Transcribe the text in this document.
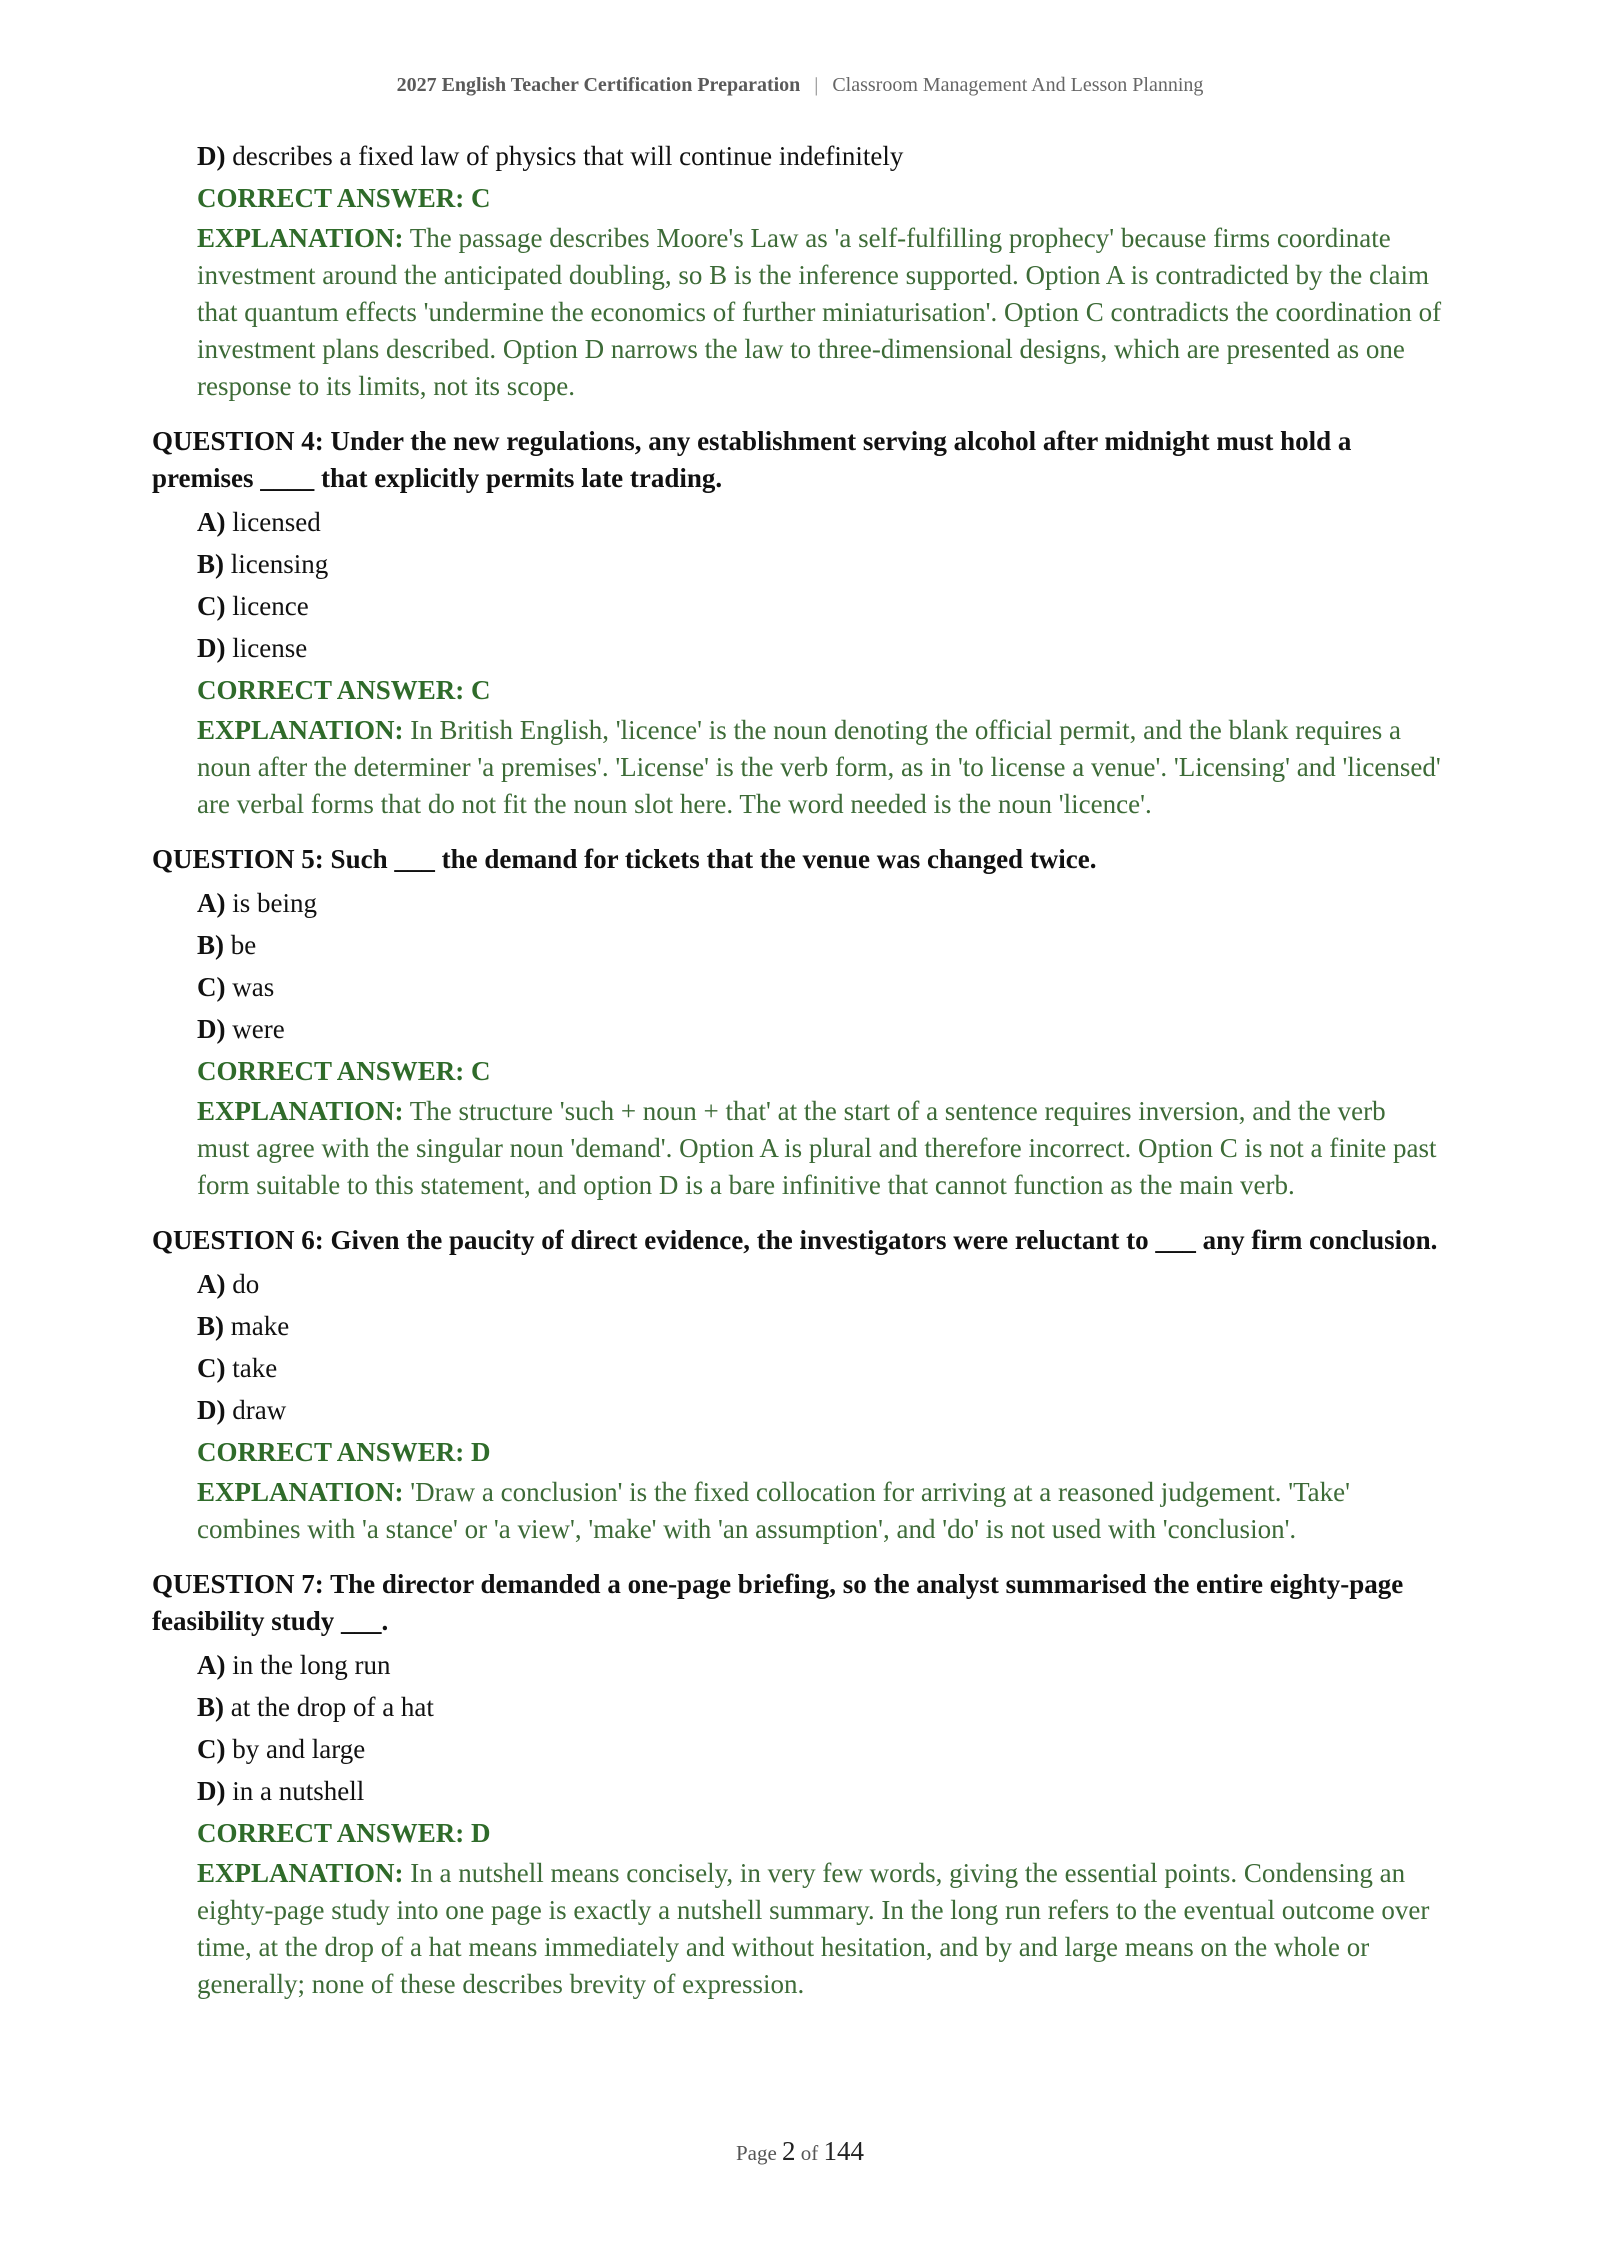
2027 English Teacher Certification Preparation | Classroom Management And Lesson Planning
D) describes a fixed law of physics that will continue indefinitely
CORRECT ANSWER: C
EXPLANATION: The passage describes Moore's Law as 'a self-fulfilling prophecy' because firms coordinate investment around the anticipated doubling, so B is the inference supported. Option A is contradicted by the claim that quantum effects 'undermine the economics of further miniaturisation'. Option C contradicts the coordination of investment plans described. Option D narrows the law to three-dimensional designs, which are presented as one response to its limits, not its scope.
QUESTION 4: Under the new regulations, any establishment serving alcohol after midnight must hold a premises ____ that explicitly permits late trading.
A) licensed
B) licensing
C) licence
D) license
CORRECT ANSWER: C
EXPLANATION: In British English, 'licence' is the noun denoting the official permit, and the blank requires a noun after the determiner 'a premises'. 'License' is the verb form, as in 'to license a venue'. 'Licensing' and 'licensed' are verbal forms that do not fit the noun slot here. The word needed is the noun 'licence'.
QUESTION 5: Such ___ the demand for tickets that the venue was changed twice.
A) is being
B) be
C) was
D) were
CORRECT ANSWER: C
EXPLANATION: The structure 'such + noun + that' at the start of a sentence requires inversion, and the verb must agree with the singular noun 'demand'. Option A is plural and therefore incorrect. Option C is not a finite past form suitable to this statement, and option D is a bare infinitive that cannot function as the main verb.
QUESTION 6: Given the paucity of direct evidence, the investigators were reluctant to ___ any firm conclusion.
A) do
B) make
C) take
D) draw
CORRECT ANSWER: D
EXPLANATION: 'Draw a conclusion' is the fixed collocation for arriving at a reasoned judgement. 'Take' combines with 'a stance' or 'a view', 'make' with 'an assumption', and 'do' is not used with 'conclusion'.
QUESTION 7: The director demanded a one-page briefing, so the analyst summarised the entire eighty-page feasibility study ___.
A) in the long run
B) at the drop of a hat
C) by and large
D) in a nutshell
CORRECT ANSWER: D
EXPLANATION: In a nutshell means concisely, in very few words, giving the essential points. Condensing an eighty-page study into one page is exactly a nutshell summary. In the long run refers to the eventual outcome over time, at the drop of a hat means immediately and without hesitation, and by and large means on the whole or generally; none of these describes brevity of expression.
Page 2 of 144
